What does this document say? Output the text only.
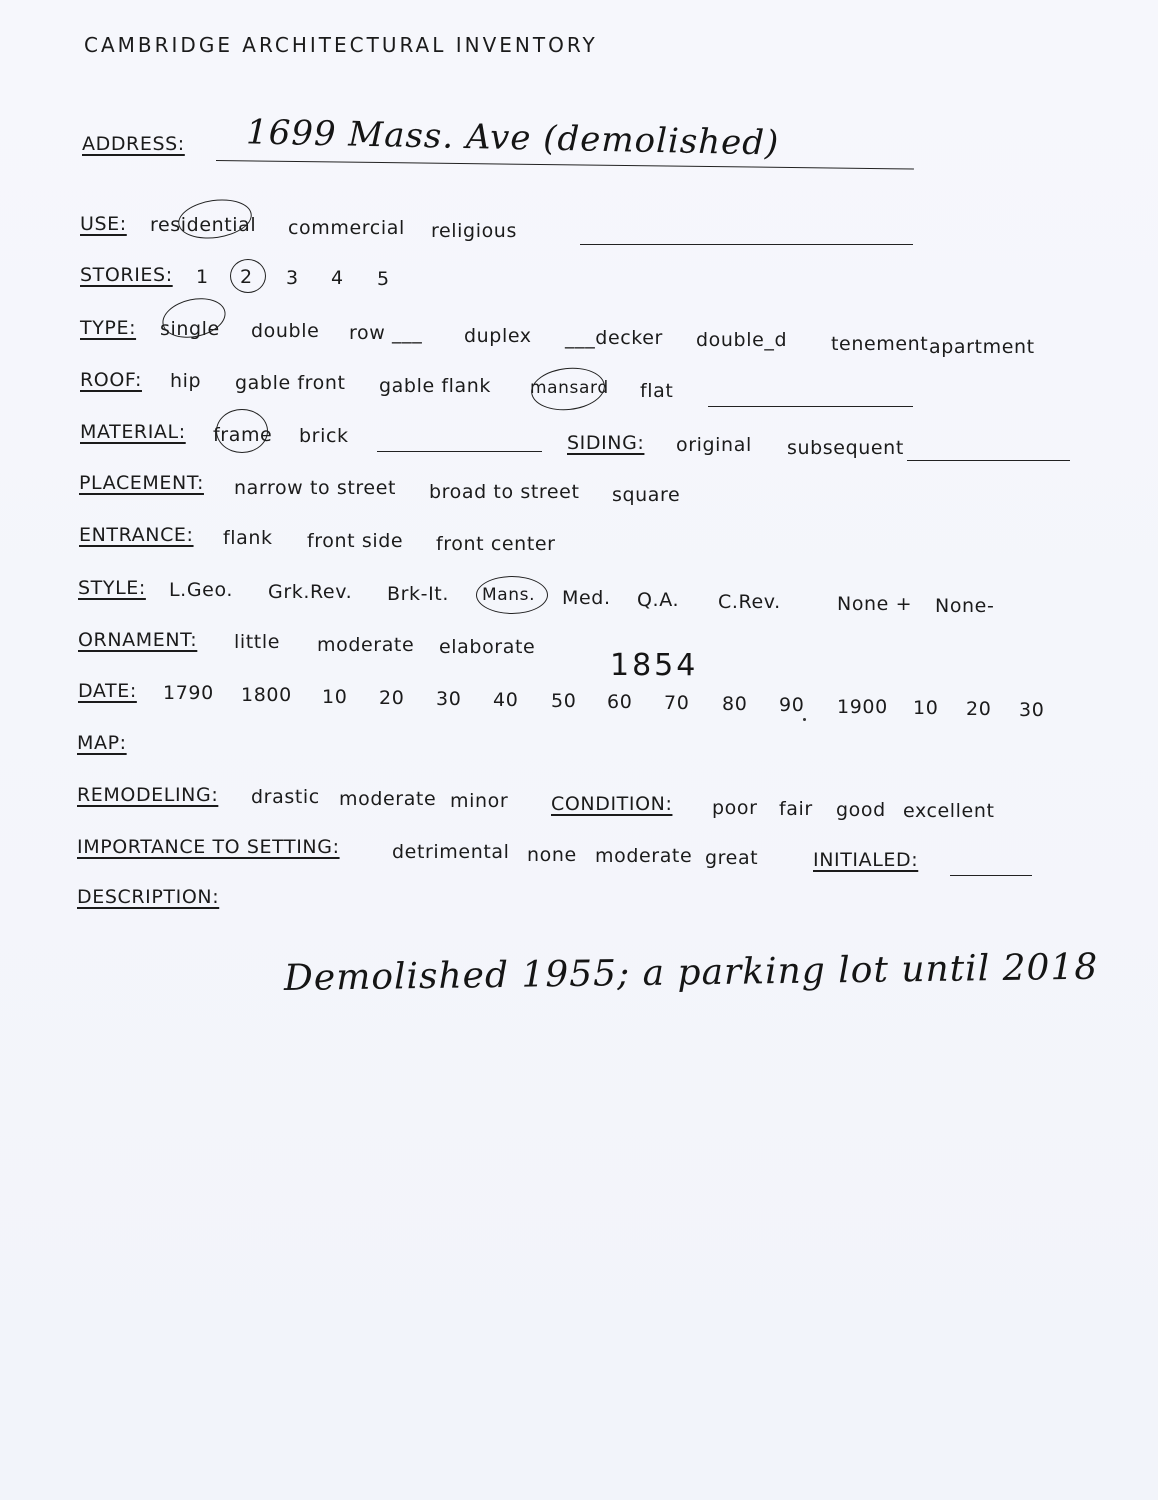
CAMBRIDGE ARCHITECTURAL INVENTORY
ADDRESS: 1699 Mass. Ave (demolished)
USE: residential commercial religious
STORIES: 1 2 3 4 5
TYPE: single double row ___ duplex ___decker double_d tenement apartment
ROOF: hip gable front gable flank mansard flat
MATERIAL: frame brick	SIDING: original subsequent
PLACEMENT: narrow to street broad to street square
ENTRANCE: flank front side front center
STYLE: L.Geo. Grk.Rev. Brk-It. Mans. Med. Q.A. C.Rev.	None + None-
ORNAMENT: little moderate elaborate
1854
DATE: 1790 1800 10 20 30 40 50 60 70 80 90 1900 10 20 30
MAP:
REMODELING: drastic moderate minor CONDITION: poor fair good excellent
IMPORTANCE TO SETTING:	detrimental none moderate great	INITIALED:
DESCRIPTION:
Demolished 1955; a parking lot until 2018
